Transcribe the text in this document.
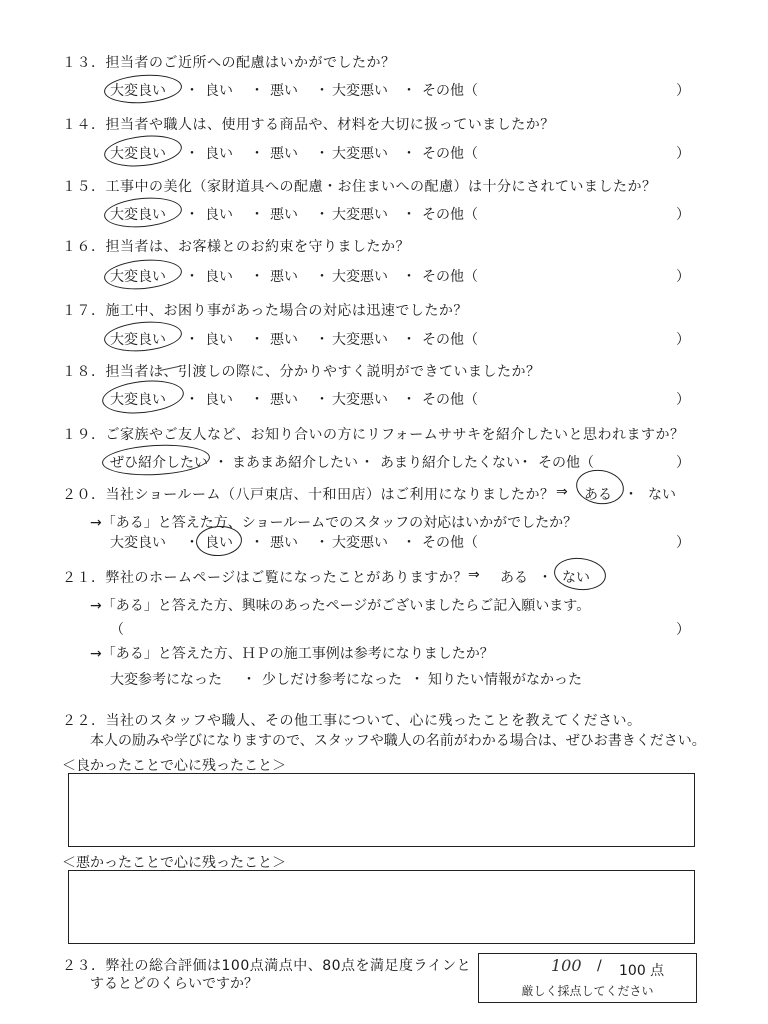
１３．担当者のご近所への配慮はいかがでしたか？
大変良い ・ 良い ・ 悪い ・ 大変悪い ・ その他（	）
１４．担当者や職人は、使用する商品や、材料を大切に扱っていましたか？
大変良い ・ 良い ・ 悪い ・ 大変悪い ・ その他（	）
１５．工事中の美化（家財道具への配慮・お住まいへの配慮）は十分にされていましたか？
大変良い ・ 良い ・ 悪い ・ 大変悪い ・ その他（	）
１６．担当者は、お客様とのお約束を守りましたか？
大変良い ・ 良い ・ 悪い ・ 大変悪い ・ その他（	）
１７．施工中、お困り事があった場合の対応は迅速でしたか？
大変良い ・ 良い ・ 悪い ・ 大変悪い ・ その他（	）
１８．担当者は、引渡しの際に、分かりやすく説明ができていましたか？
大変良い ・ 良い ・ 悪い ・ 大変悪い ・ その他（	）
１９．ご家族やご友人など、お知り合いの方にリフォームササキを紹介したいと思われますか？
ぜひ紹介したい ・ まあまあ紹介したい ・ あまり紹介したくない
・ その他（	）
２０．当社ショールーム（八戸東店、十和田店）はご利用になりましたか？ ⇒ ある ・ ない
→「ある」と答えた方、ショールームでのスタッフの対応はいかがでしたか？
大変良い ・ 良い ・ 悪い ・ 大変悪い ・ その他（	）
２１．弊社のホームページはご覧になったことがありますか？ ⇒ ある ・ ない
→「ある」と答えた方、興味のあったページがございましたらご記入願います。
（	）
→「ある」と答えた方、ＨＰの施工事例は参考になりましたか？
大変参考になった ・ 少しだけ参考になった ・ 知りたい情報がなかった
２２．当社のスタッフや職人、その他工事について、心に残ったことを教えてください。
本人の励みや学びになりますので、スタッフや職人の名前がわかる場合は、ぜひお書きください。
＜良かったことで心に残ったこと＞
＜悪かったことで心に残ったこと＞
２３．弊社の総合評価は100点満点中、80点を満足度ラインと
するとどのくらいですか？
100 / 100 点
厳しく採点してください
